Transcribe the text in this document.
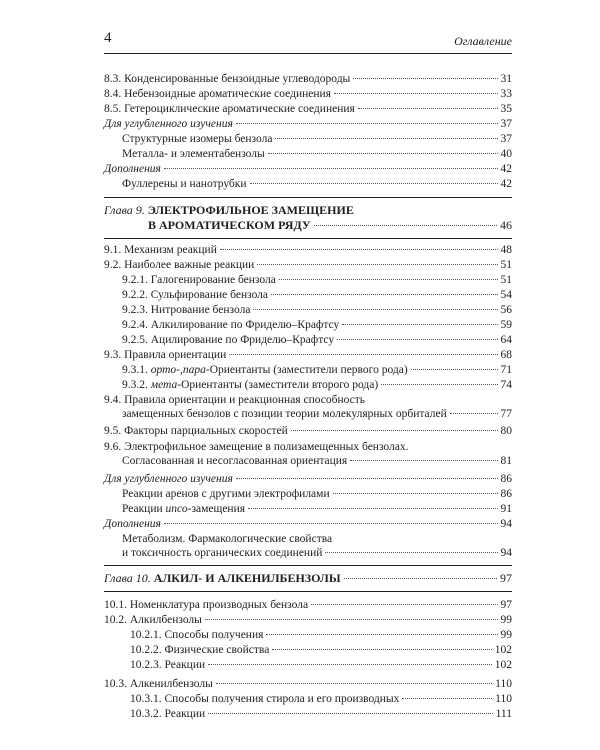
4	Оглавление
8.3. Конденсированные бензоидные углеводороды	31
8.4. Небензоидные ароматические соединения	33
8.5. Гетероциклические ароматические соединения	35
Для углубленного изучения	37
Структурные изомеры бензола	37
Металла- и элементабензолы	40
Дополнения	42
Фуллерены и нанотрубки	42
Глава 9.
ЭЛЕКТРОФИЛЬНОЕ ЗАМЕЩЕНИЕ
В АРОМАТИЧЕСКОМ РЯДУ	46
9.1. Механизм реакций	48
9.2. Наиболее важные реакции	51
9.2.1. Галогенирование бензола	51
9.2.2. Сульфирование бензола	54
9.2.3. Нитрование бензола	56
9.2.4. Алкилирование по Фриделю–Крафтсу	59
9.2.5. Ацилирование по Фриделю–Крафтсу	64
9.3. Правила ориентации	68
9.3.1. орто-,пара-Ориентанты (заместители первого рода)	71
9.3.2. мета-Ориентанты (заместители второго рода)	74
9.4. Правила ориентации и реакционная способность
замещенных бензолов с позиции теории молекулярных орбиталей	77
9.5. Факторы парциальных скоростей	80
9.6. Электрофильное замещение в полизамещенных бензолах.
Согласованная и несогласованная ориентация	81
Для углубленного изучения	86
Реакции аренов с другими электрофилами	86
Реакции ипсо-замещения	91
Дополнения	94
Метаболизм. Фармакологические свойства
и токсичность органических соединений	94
Глава 10.
АЛКИЛ- И АЛКЕНИЛБЕНЗОЛЫ	97
10.1. Номенклатура производных бензола	97
10.2. Алкилбензолы	99
10.2.1. Способы получения	99
10.2.2. Физические свойства	102
10.2.3. Реакции	102
10.3. Алкенилбензолы	110
10.3.1. Способы получения стирола и его производных	110
10.3.2. Реакции	111
